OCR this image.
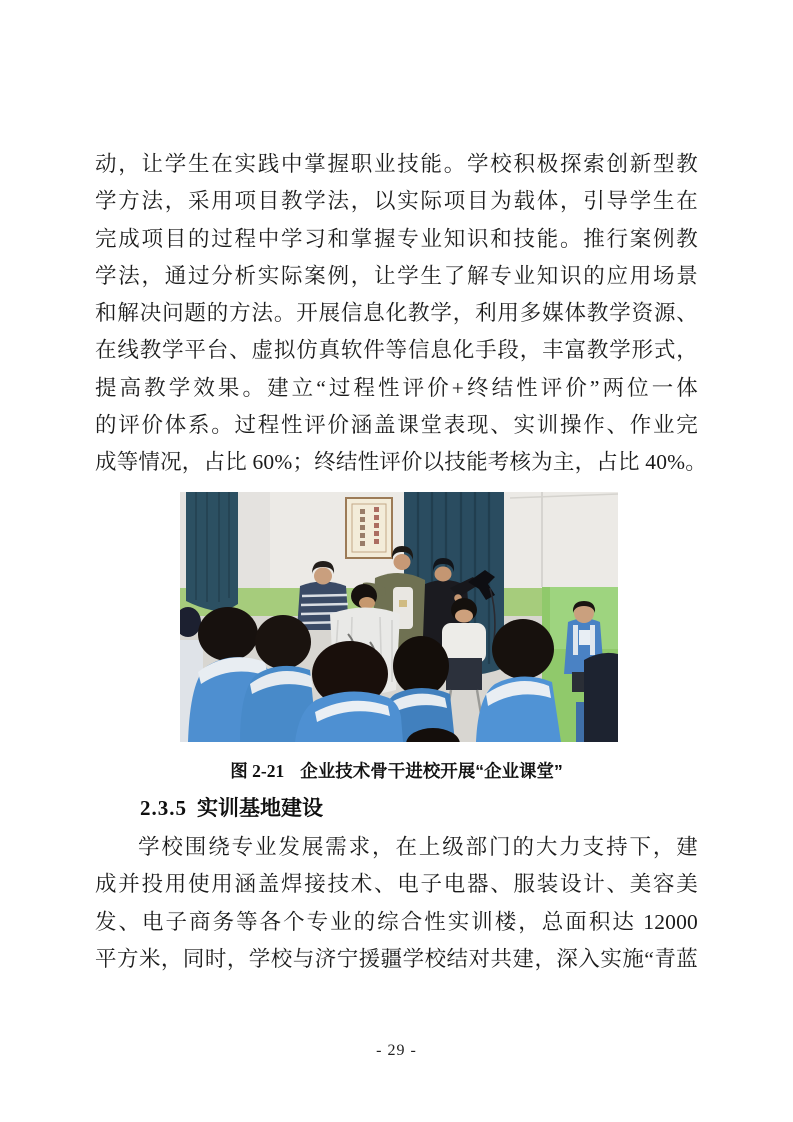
动，让学生在实践中掌握职业技能。学校积极探索创新型教
学方法，采用项目教学法，以实际项目为载体，引导学生在
完成项目的过程中学习和掌握专业知识和技能。推行案例教
学法，通过分析实际案例，让学生了解专业知识的应用场景
和解决问题的方法。开展信息化教学，利用多媒体教学资源、
在线教学平台、虚拟仿真软件等信息化手段，丰富教学形式，
提高教学效果。建立“过程性评价+终结性评价”两位一体
的评价体系。过程性评价涵盖课堂表现、实训操作、作业完
成等情况，占比 60%；终结性评价以技能考核为主，占比 40%。
图 2-21 企业技术骨干进校开展“企业课堂”
2.3.5 实训基地建设
学校围绕专业发展需求，在上级部门的大力支持下，建
成并投用使用涵盖焊接技术、电子电器、服装设计、美容美
发、电子商务等各个专业的综合性实训楼，总面积达 12000
平方米，同时，学校与济宁援疆学校结对共建，深入实施“青蓝
- 29 -
